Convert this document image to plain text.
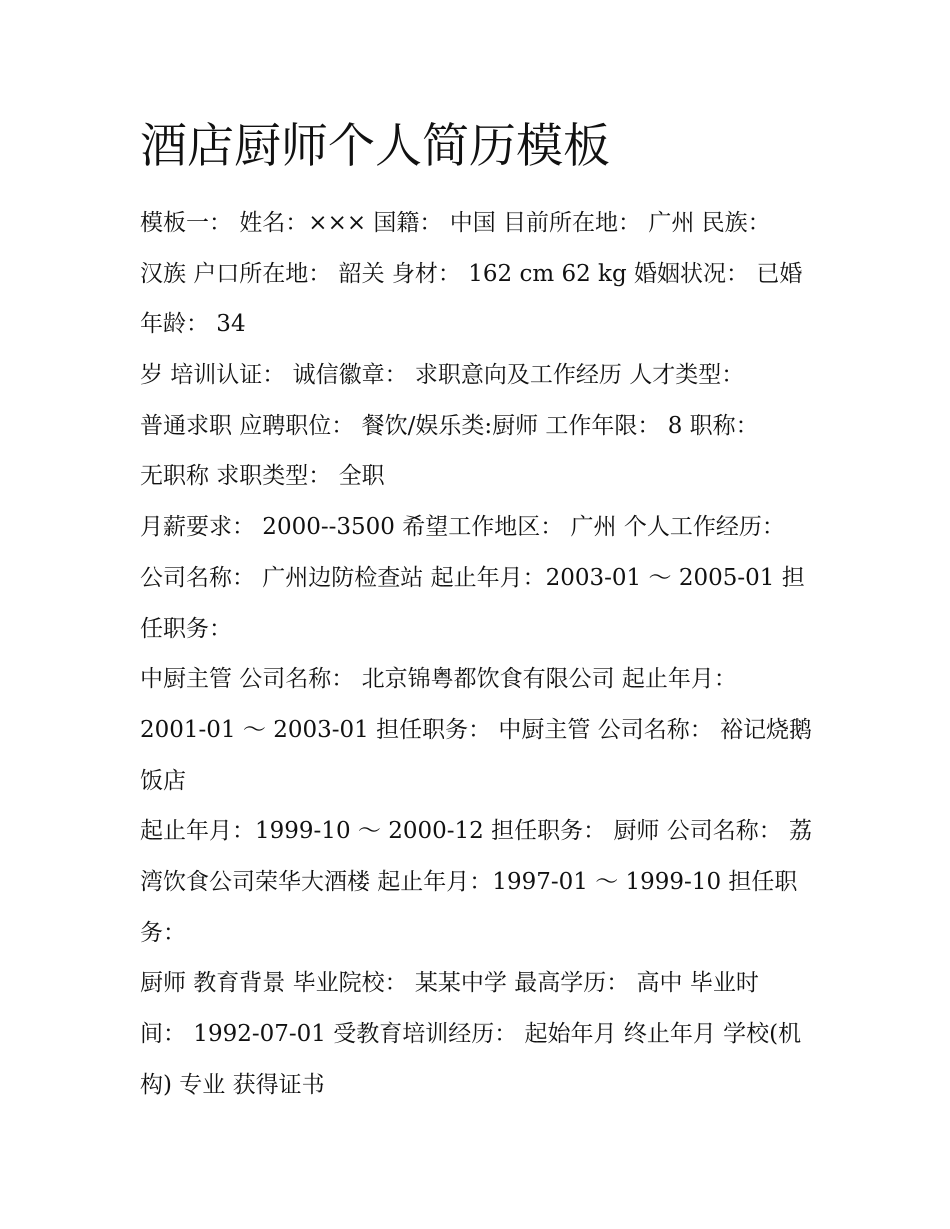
酒店厨师个人简历模板
模板一： 姓名：××× 国籍： 中国 目前所在地： 广州 民族：
汉族 户口所在地： 韶关 身材： 162 cm 62 kg 婚姻状况： 已婚
年龄： 34
岁 培训认证： 诚信徽章： 求职意向及工作经历 人才类型：
普通求职 应聘职位： 餐饮/娱乐类:厨师 工作年限： 8 职称：
无职称 求职类型： 全职
月薪要求： 2000--3500 希望工作地区： 广州 个人工作经历：
公司名称： 广州边防检查站 起止年月：2003-01 ～ 2005-01 担
任职务：
中厨主管 公司名称： 北京锦粤都饮食有限公司 起止年月：
2001-01 ～ 2003-01 担任职务： 中厨主管 公司名称： 裕记烧鹅
饭店
起止年月：1999-10 ～ 2000-12 担任职务： 厨师 公司名称： 荔
湾饮食公司荣华大酒楼 起止年月：1997-01 ～ 1999-10 担任职
务：
厨师 教育背景 毕业院校： 某某中学 最高学历： 高中 毕业时
间： 1992-07-01 受教育培训经历： 起始年月 终止年月 学校(机
构) 专业 获得证书
